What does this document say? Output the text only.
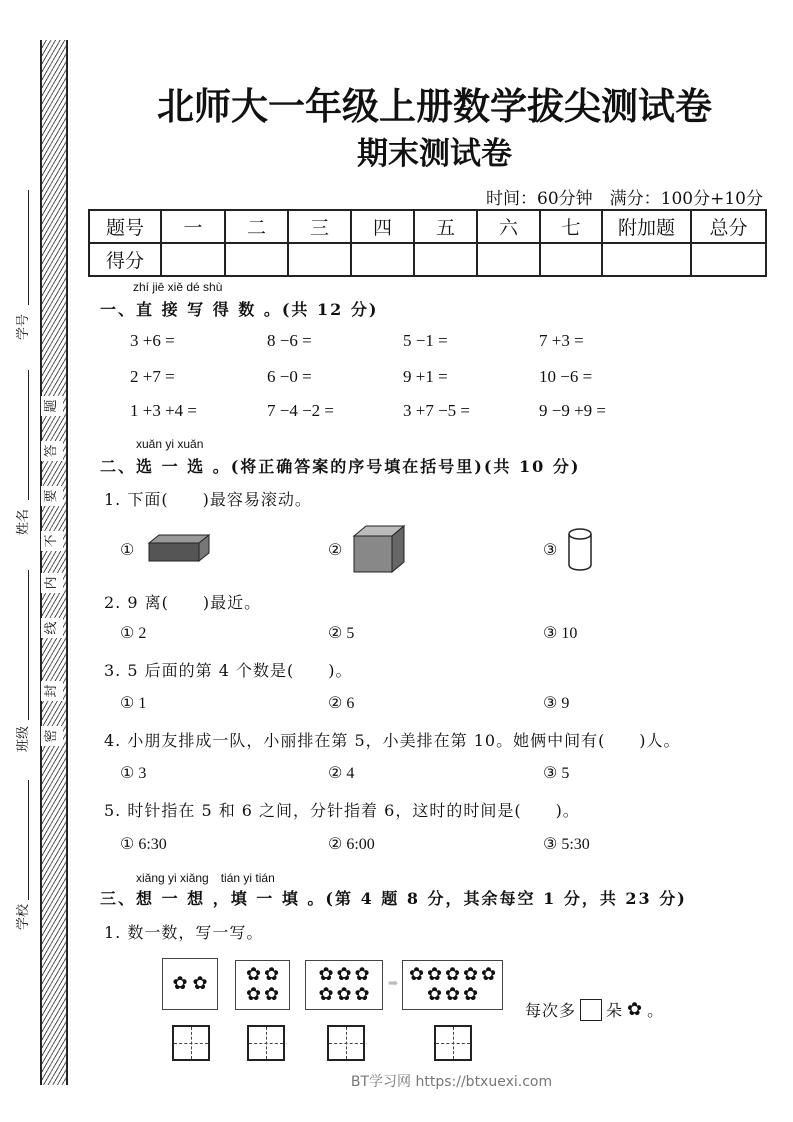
题
答
要
不
内
线
封
密
学校
班级
姓名
学号
北师大一年级上册数学拔尖测试卷
期末测试卷
时间：60分钟　满分：100分+10分
题号	一	二	三	四	五	六	七	附加题	总分
得分									
zhí jiē xiě dé shù
一、直 接 写 得 数 。(共 12 分)
3 +6 =	8 −6 =	5 −1 =	7 +3 =
2 +7 =	6 −0 =	9 +1 =	10 −6 =
1 +3 +4 =	7 −4 −2 =	3 +7 −5 =	9 −9 +9 =
xuǎn yi xuǎn
二、选 一 选 。(将正确答案的序号填在括号里)(共 10 分)
1. 下面(　　)最容易滚动。
①	②	③
2. 9 离(　　)最近。
① 2	② 5	③ 10
3. 5 后面的第 4 个数是(　　)。
① 1	② 6	③ 9
4. 小朋友排成一队，小丽排在第 5，小美排在第 10。她俩中间有(　　)人。
① 3	② 4	③ 5
5. 时针指在 5 和 6 之间，分针指着 6，这时的时间是(　　)。
① 6:30	② 6:00	③ 5:30
xiǎng yi xiǎng　tián yi tián
三、想 一 想 ，填 一 填 。(第 4 题 8 分，其余每空 1 分，共 23 分)
1. 数一数，写一写。
✿ ✿ ✿ ✿
✿ ✿
✿ ✿ ✿
✿ ✿ ✿
✿ ✿ ✿ ✿ ✿
✿ ✿ ✿
➡
每次多 朵 ✿ 。
BT学习网 https://btxuexi.com
